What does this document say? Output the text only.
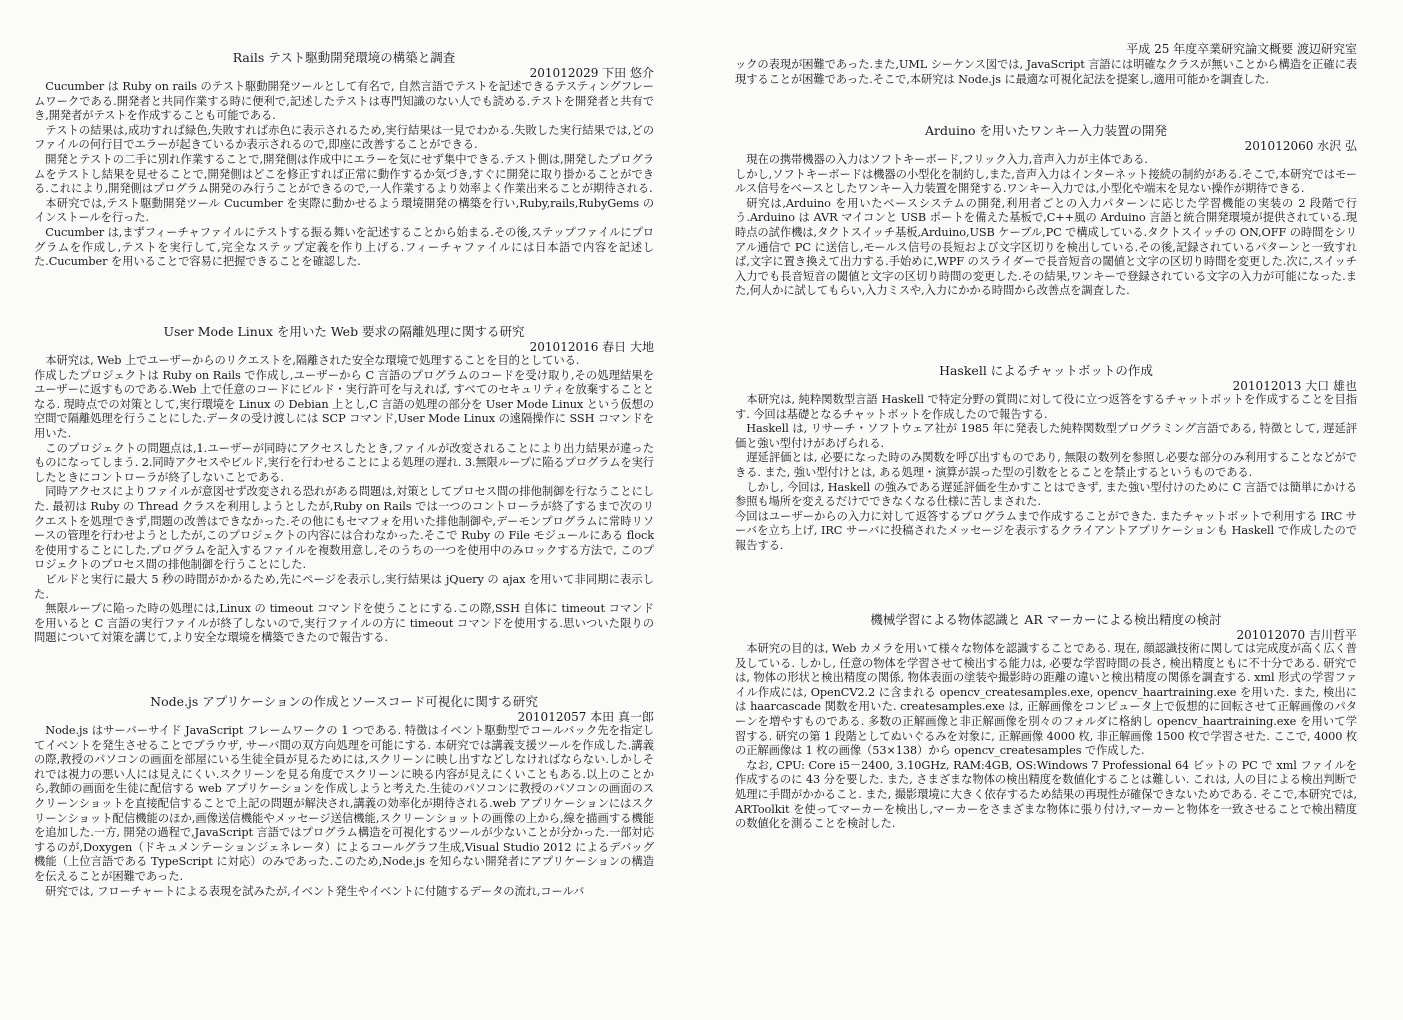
平成 25 年度卒業研究論文概要 渡辺研究室
Rails テスト駆動開発環境の構築と調査

201012029 下田 悠介

Cucumber は Ruby on rails のテスト駆動開発ツールとして有名で, 自然言語でテストを記述できるテスティングフレームワークである.開発者と共同作業する時に便利で,記述したテストは専門知識のない人でも読める.テストを開発者と共有でき,開発者がテストを作成することも可能である.

テストの結果は,成功すれば緑色,失敗すれば赤色に表示されるため,実行結果は一見でわかる.失敗した実行結果では,どのファイルの何行目でエラーが起きているか表示されるので,即座に改善することができる.

開発とテストの二手に別れ作業することで,開発側は作成中にエラーを気にせず集中できる.テスト側は,開発したプログラムをテストし結果を見せることで,開発側はどこを修正すれば正常に動作するか気づき,すぐに開発に取り掛かることができる.これにより,開発側はプログラム開発のみ行うことができるので,一人作業するより効率よく作業出来ることが期待される.

本研究では,テスト駆動開発ツール Cucumber を実際に動かせるよう環境開発の構築を行い,Ruby,rails,RubyGems のインストールを行った.

Cucumber は,まずフィーチャファイルにテストする振る舞いを記述することから始まる.その後,ステップファイルにプログラムを作成し,テストを実行して,完全なステップ定義を作り上げる.フィーチャファイルには日本語で内容を記述した.Cucumber を用いることで容易に把握できることを確認した.

User Mode Linux を用いた Web 要求の隔離処理に関する研究

201012016 春日 大地

本研究は, Web 上でユーザーからのリクエストを,隔離された安全な環境で処理することを目的としている.

作成したプロジェクトは Ruby on Rails で作成し,ユーザーから C 言語のプログラムのコードを受け取り,その処理結果をユーザーに返すものである.Web 上で任意のコードにビルド・実行許可を与えれば, すべてのセキュリティを放棄することとなる. 現時点での対策として,実行環境を Linux の Debian 上とし,C 言語の処理の部分を User Mode Linux という仮想の空間で隔離処理を行うことにした.データの受け渡しには SCP コマンド,User Mode Linux の遠隔操作に SSH コマンドを用いた.

このプロジェクトの問題点は,1.ユーザーが同時にアクセスしたとき,ファイルが改変されることにより出力結果が違ったものになってしまう. 2.同時アクセスやビルド,実行を行わせることによる処理の遅れ. 3.無限ループに陥るプログラムを実行したときにコントローラが終了しないことである.

同時アクセスによりファイルが意図せず改変される恐れがある問題は,対策としてプロセス間の排他制御を行なうことにした. 最初は Ruby の Thread クラスを利用しようとしたが,Ruby on Rails では一つのコントローラが終了するまで次のリクエストを処理できず,問題の改善はできなかった.その他にもセマフォを用いた排他制御や,デーモンプログラムに常時リソースの管理を行わせようとしたが,このプロジェクトの内容には合わなかった.そこで Ruby の File モジュールにある flock を使用することにした.プログラムを記入するファイルを複数用意し,そのうちの一つを使用中のみロックする方法で, このプロジェクトのプロセス間の排他制御を行うことにした.

ビルドと実行に最大 5 秒の時間がかかるため,先にページを表示し,実行結果は jQuery の ajax を用いて非同期に表示した.

無限ループに陥った時の処理には,Linux の timeout コマンドを使うことにする.この際,SSH 自体に timeout コマンドを用いると C 言語の実行ファイルが終了しないので,実行ファイルの方に timeout コマンドを使用する.思いついた限りの問題について対策を講じて,より安全な環境を構築できたので報告する.

Node.js アプリケーションの作成とソースコード可視化に関する研究

201012057 本田 真一郎

Node.js はサーバーサイド JavaScript フレームワークの 1 つである. 特徴はイベント駆動型でコールバック先を指定してイベントを発生させることでブラウザ, サーバ間の双方向処理を可能にする. 本研究では講義支援ツールを作成した.講義の際,教授のパソコンの画面を部屋にいる生徒全員が見るためには,スクリーンに映し出すなどしなければならない.しかしそれでは視力の悪い人には見えにくい.スクリーンを見る角度でスクリーンに映る内容が見えにくいこともある.以上のことから,教師の画面を生徒に配信する web アプリケーションを作成しようと考えた.生徒のパソコンに教授のパソコンの画面のスクリーンショットを直接配信することで上記の問題が解決され,講義の効率化が期待される.web アプリケーションにはスクリーンショット配信機能のほか,画像送信機能やメッセージ送信機能,スクリーンショットの画像の上から,線を描画する機能を追加した.一方, 開発の過程で,JavaScript 言語ではプログラム構造を可視化するツールが少ないことが分かった.一部対応するのが,Doxygen（ドキュメンテーションジェネレータ）によるコールグラフ生成,Visual Studio 2012 によるデバッグ機能（上位言語である TypeScript に対応）のみであった.このため,Node.js を知らない開発者にアプリケーションの構造を伝えることが困難であった.

研究では, フローチャートによる表現を試みたが,イベント発生やイベントに付随するデータの流れ,コールバ

ックの表現が困難であった.また,UML シーケンス図では, JavaScript 言語には明確なクラスが無いことから構造を正確に表現することが困難であった.そこで,本研究は Node.js に最適な可視化記法を提案し,適用可能かを調査した.

Arduino を用いたワンキー入力装置の開発

201012060 水沢 弘

現在の携帯機器の入力はソフトキーボード,フリック入力,音声入力が主体である.

しかし,ソフトキーボードは機器の小型化を制約し,また,音声入力はインターネット接続の制約がある.そこで,本研究ではモールス信号をベースとしたワンキー入力装置を開発する.ワンキー入力では,小型化や端末を見ない操作が期待できる.

研究は,Arduino を用いたベースシステムの開発,利用者ごとの入力パターンに応じた学習機能の実装の 2 段階で行う.Arduino は AVR マイコンと USB ポートを備えた基板で,C++風の Arduino 言語と統合開発環境が提供されている.現時点の試作機は,タクトスイッチ基板,Arduino,USB ケーブル,PC で構成している.タクトスイッチの ON,OFF の時間をシリアル通信で PC に送信し,モールス信号の長短および文字区切りを検出している.その後,記録されているパターンと一致すれば,文字に置き換えて出力する.手始めに,WPF のスライダーで長音短音の閾値と文字の区切り時間を変更した.次に,スイッチ入力でも長音短音の閾値と文字の区切り時間の変更した.その結果,ワンキーで登録されている文字の入力が可能になった.また,何人かに試してもらい,入力ミスや,入力にかかる時間から改善点を調査した.

Haskell によるチャットボットの作成

201012013 大口 雄也

本研究は, 純粋関数型言語 Haskell で特定分野の質問に対して役に立つ返答をするチャットボットを作成することを目指す. 今回は基礎となるチャットボットを作成したので報告する.

Haskell は, リサーチ・ソフトウェア社が 1985 年に発表した純粋関数型プログラミング言語である, 特徴として, 遅延評価と強い型付けがあげられる.

遅延評価とは, 必要になった時のみ関数を呼び出すものであり, 無限の数列を参照し必要な部分のみ利用することなどができる. また, 強い型付けとは, ある処理・演算が誤った型の引数をとることを禁止するというものである.

しかし, 今回は, Haskell の強みである遅延評価を生かすことはできず, また強い型付けのために C 言語では簡単にかける参照も場所を変えるだけでできなくなる仕様に苦しまされた.

今回はユーザーからの入力に対して返答するプログラムまで作成することができた. またチャットボットで利用する IRC サーバを立ち上げ, IRC サーバに投稿されたメッセージを表示するクライアントアプリケーションも Haskell で作成したので報告する.

機械学習による物体認識と AR マーカーによる検出精度の検討

201012070 吉川哲平

本研究の目的は, Web カメラを用いて様々な物体を認識することである. 現在, 顔認識技術に関しては完成度が高く広く普及している. しかし, 任意の物体を学習させて検出する能力は, 必要な学習時間の長さ, 検出精度ともに不十分である. 研究では, 物体の形状と検出精度の関係, 物体表面の塗装や撮影時の距離の違いと検出精度の関係を調査する. xml 形式の学習ファイル作成には, OpenCV2.2 に含まれる opencv_createsamples.exe, opencv_haartraining.exe を用いた. また, 検出には haarcascade 関数を用いた. createsamples.exe は, 正解画像をコンピュータ上で仮想的に回転させて正解画像のパターンを増やすものである. 多数の正解画像と非正解画像を別々のフォルダに格納し opencv_haartraining.exe を用いて学習する. 研究の第 1 段階としてぬいぐるみを対象に, 正解画像 4000 枚, 非正解画像 1500 枚で学習させた. ここで, 4000 枚の正解画像は 1 枚の画像（53×138）から opencv_createsamples で作成した.

なお, CPU: Core i5－2400, 3.10GHz, RAM:4GB, OS:Windows 7 Professional 64 ビットの PC で xml ファイルを作成するのに 43 分を要した. また, さまざまな物体の検出精度を数値化することは難しい. これは, 人の目による検出判断で処理に手間がかかること. また, 撮影環境に大きく依存するため結果の再現性が確保できないためである. そこで,本研究では, ARToolkit を使ってマーカーを検出し,マーカーをさまざまな物体に張り付け,マーカーと物体を一致させることで検出精度の数値化を測ることを検討した.
